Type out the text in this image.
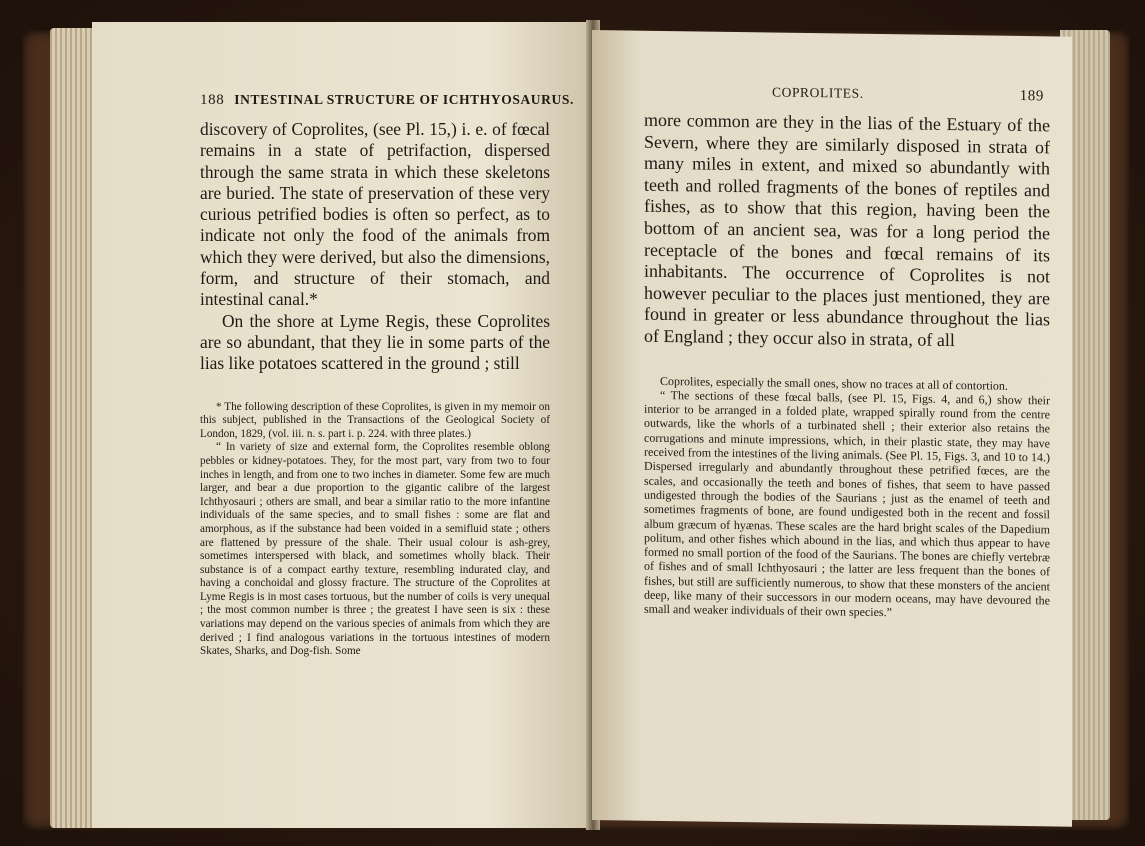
188 INTESTINAL STRUCTURE OF ICHTHYOSAURUS.

discovery of Coprolites, (see Pl. 15,) i. e. of fœcal remains in a state of petrifaction, dispersed through the same strata in which these skeletons are buried. The state of preservation of these very curious petrified bodies is often so perfect, as to indicate not only the food of the animals from which they were derived, but also the dimensions, form, and structure of their stomach, and intestinal canal.*

On the shore at Lyme Regis, these Coprolites are so abundant, that they lie in some parts of the lias like potatoes scattered in the ground ; still

* The following description of these Coprolites, is given in my memoir on this subject, published in the Transactions of the Geological Society of London, 1829, (vol. iii. n. s. part i. p. 224. with three plates.)

“ In variety of size and external form, the Coprolites resemble oblong pebbles or kidney-potatoes. They, for the most part, vary from two to four inches in length, and from one to two inches in diameter. Some few are much larger, and bear a due proportion to the gigantic calibre of the largest Ichthyosauri ; others are small, and bear a similar ratio to the more infantine individuals of the same species, and to small fishes : some are flat and amorphous, as if the substance had been voided in a semifluid state ; others are flattened by pressure of the shale. Their usual colour is ash-grey, sometimes interspersed with black, and sometimes wholly black. Their substance is of a compact earthy texture, resembling indurated clay, and having a conchoidal and glossy fracture. The structure of the Coprolites at Lyme Regis is in most cases tortuous, but the number of coils is very unequal ; the most common number is three ; the greatest I have seen is six : these variations may depend on the various species of animals from which they are derived ; I find analogous variations in the tortuous intestines of modern Skates, Sharks, and Dog-fish. Some

COPROLITES.	189

more common are they in the lias of the Estuary of the Severn, where they are similarly disposed in strata of many miles in extent, and mixed so abundantly with teeth and rolled fragments of the bones of reptiles and fishes, as to show that this region, having been the bottom of an ancient sea, was for a long period the receptacle of the bones and fœcal remains of its inhabitants. The occurrence of Coprolites is not however peculiar to the places just mentioned, they are found in greater or less abundance throughout the lias of England ; they occur also in strata, of all

Coprolites, especially the small ones, show no traces at all of contortion.

“ The sections of these fœcal balls, (see Pl. 15, Figs. 4, and 6,) show their interior to be arranged in a folded plate, wrapped spirally round from the centre outwards, like the whorls of a turbinated shell ; their exterior also retains the corrugations and minute impressions, which, in their plastic state, they may have received from the intestines of the living animals. (See Pl. 15, Figs. 3, and 10 to 14.) Dispersed irregularly and abundantly throughout these petrified fœces, are the scales, and occasionally the teeth and bones of fishes, that seem to have passed undigested through the bodies of the Saurians ; just as the enamel of teeth and sometimes fragments of bone, are found undigested both in the recent and fossil album græcum of hyænas. These scales are the hard bright scales of the Dapedium politum, and other fishes which abound in the lias, and which thus appear to have formed no small portion of the food of the Saurians. The bones are chiefly vertebræ of fishes and of small Ichthyosauri ; the latter are less frequent than the bones of fishes, but still are sufficiently numerous, to show that these monsters of the ancient deep, like many of their successors in our modern oceans, may have devoured the small and weaker individuals of their own species.”
